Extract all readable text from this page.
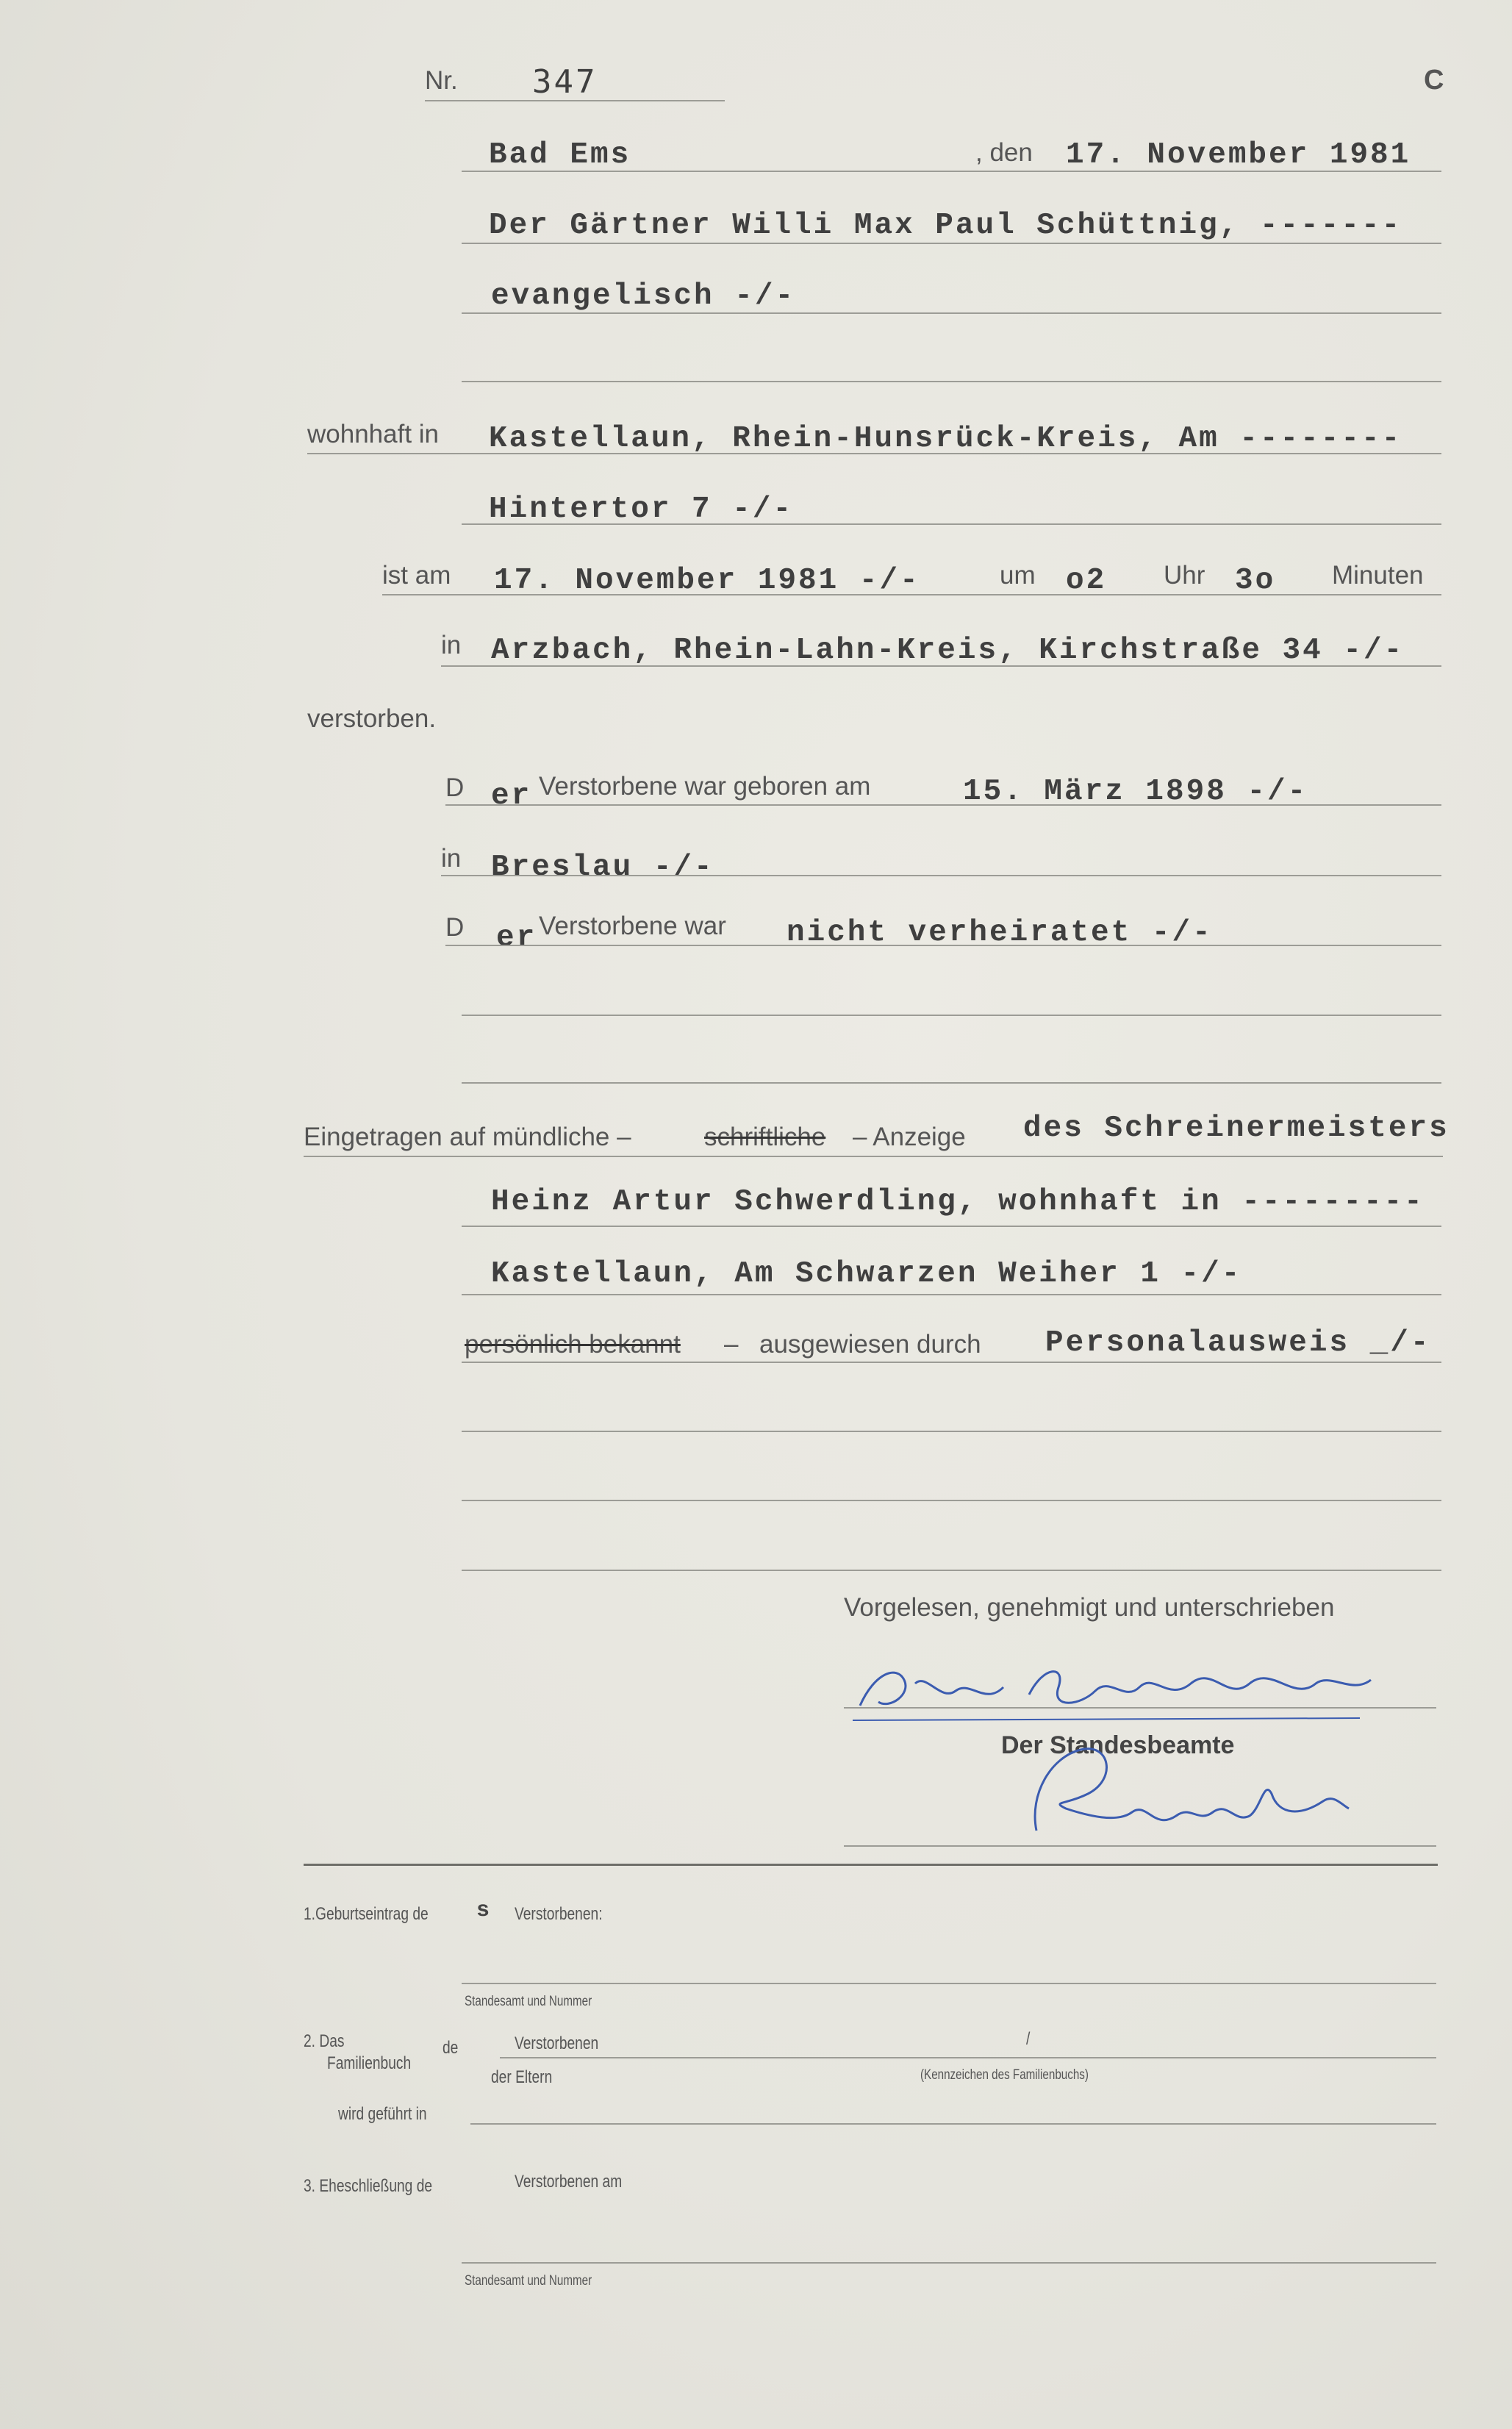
Nr. 347	C
Bad Ems	, den 17. November 1981
Der Gärtner Willi Max Paul Schüttnig, -------
evangelisch -/-
wohnhaft in Kastellaun, Rhein-Hunsrück-Kreis, Am --------
Hintertor 7 -/-
ist am 17. November 1981 -/-	um o2 Uhr 3o Minuten
in Arzbach, Rhein-Lahn-Kreis, Kirchstraße 34 -/-
verstorben.
D er Verstorbene war geboren am	15. März 1898 -/-
in Breslau -/-
D er Verstorbene war nicht verheiratet -/-
Eingetragen auf mündliche –	schriftliche – Anzeige des Schreinermeisters
Heinz Artur Schwerdling, wohnhaft in ---------
Kastellaun, Am Schwarzen Weiher 1 -/-
persönlich bekannt – ausgewiesen durch Personalausweis _/-
Vorgelesen, genehmigt und unterschrieben
Der Standesbeamte
1.Geburtseintrag de s Verstorbenen:
Standesamt und Nummer
2. Das
Familienbuch
de	Verstorbenen	/
der Eltern	(Kennzeichen des Familienbuchs)
wird geführt in
3. Eheschließung de	Verstorbenen am
Standesamt und Nummer
